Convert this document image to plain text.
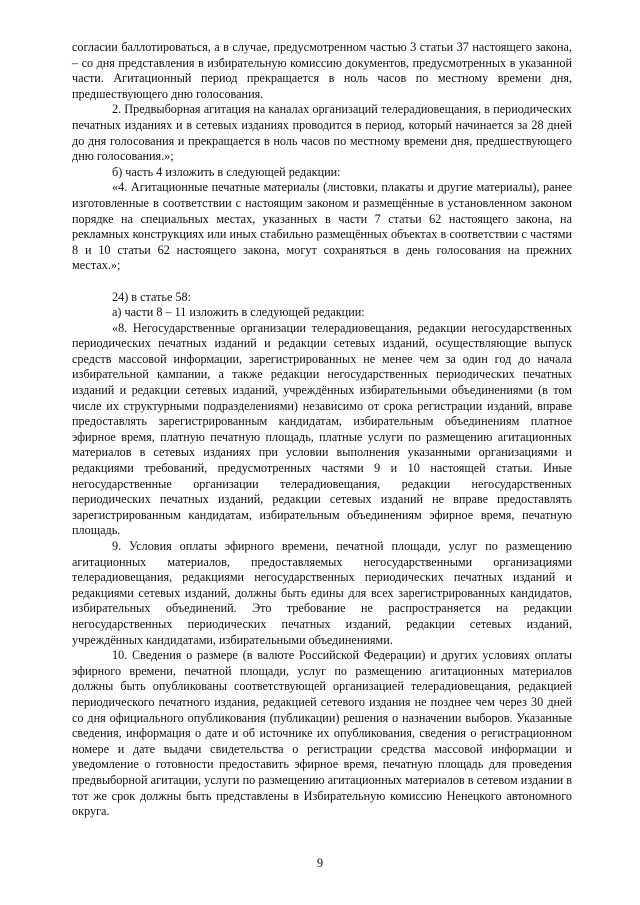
согласии баллотироваться, а в случае, предусмотренном частью 3 статьи 37 настоящего закона, – со дня представления в избирательную комиссию документов, предусмотренных в указанной части. Агитационный период прекращается в ноль часов по местному времени дня, предшествующего дню голосования.

2. Предвыборная агитация на каналах организаций телерадиовещания, в периодических печатных изданиях и в сетевых изданиях проводится в период, который начинается за 28 дней до дня голосования и прекращается в ноль часов по местному времени дня, предшествующего дню голосования.»;

б) часть 4 изложить в следующей редакции:

«4. Агитационные печатные материалы (листовки, плакаты и другие материалы), ранее изготовленные в соответствии с настоящим законом и размещённые в установленном законом порядке на специальных местах, указанных в части 7 статьи 62 настоящего закона, на рекламных конструкциях или иных стабильно размещённых объектах в соответствии с частями 8 и 10 статьи 62 настоящего закона, могут сохраняться в день голосования на прежних местах.»;

24) в статье 58:

а) части 8 – 11 изложить в следующей редакции:

«8. Негосударственные организации телерадиовещания, редакции негосударственных периодических печатных изданий и редакции сетевых изданий, осуществляющие выпуск средств массовой информации, зарегистрированных не менее чем за один год до начала избирательной кампании, а также редакции негосударственных периодических печатных изданий и редакции сетевых изданий, учреждённых избирательными объединениями (в том числе их структурными подразделениями) независимо от срока регистрации изданий, вправе предоставлять зарегистрированным кандидатам, избирательным объединениям платное эфирное время, платную печатную площадь, платные услуги по размещению агитационных материалов в сетевых изданиях при условии выполнения указанными организациями и редакциями требований, предусмотренных частями 9 и 10 настоящей статьи. Иные негосударственные организации телерадиовещания, редакции негосударственных периодических печатных изданий, редакции сетевых изданий не вправе предоставлять зарегистрированным кандидатам, избирательным объединениям эфирное время, печатную площадь.

9. Условия оплаты эфирного времени, печатной площади, услуг по размещению агитационных материалов, предоставляемых негосударственными организациями телерадиовещания, редакциями негосударственных периодических печатных изданий и редакциями сетевых изданий, должны быть едины для всех зарегистрированных кандидатов, избирательных объединений. Это требование не распространяется на редакции негосударственных периодических печатных изданий, редакции сетевых изданий, учреждённых кандидатами, избирательными объединениями.

10. Сведения о размере (в валюте Российской Федерации) и других условиях оплаты эфирного времени, печатной площади, услуг по размещению агитационных материалов должны быть опубликованы соответствующей организацией телерадиовещания, редакцией периодического печатного издания, редакцией сетевого издания не позднее чем через 30 дней со дня официального опубликования (публикации) решения о назначении выборов. Указанные сведения, информация о дате и об источнике их опубликования, сведения о регистрационном номере и дате выдачи свидетельства о регистрации средства массовой информации и уведомление о готовности предоставить эфирное время, печатную площадь для проведения предвыборной агитации, услуги по размещению агитационных материалов в сетевом издании в тот же срок должны быть представлены в Избирательную комиссию Ненецкого автономного округа.

9
